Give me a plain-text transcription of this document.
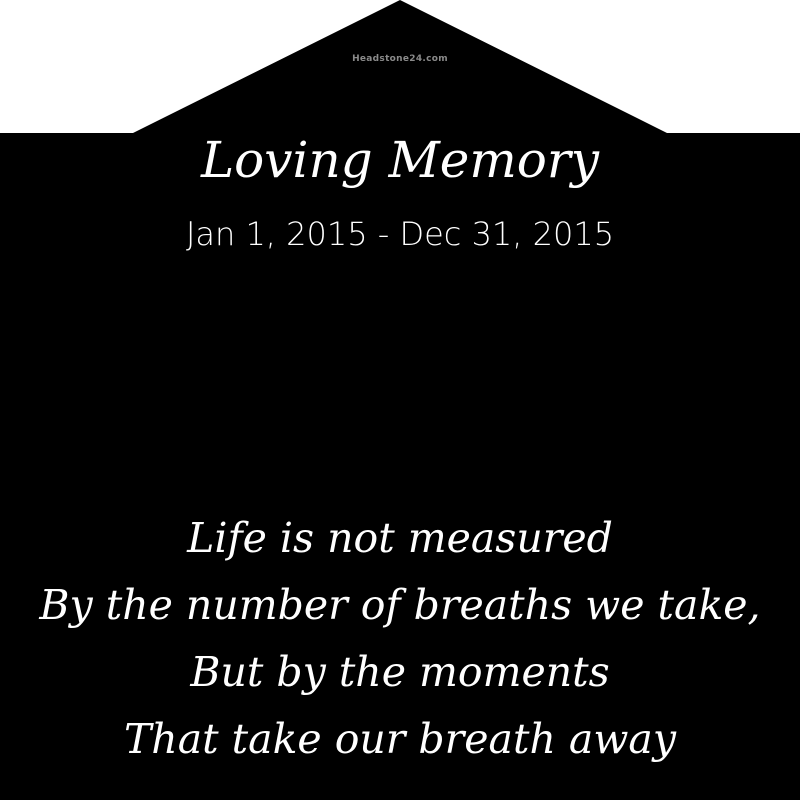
Headstone24.com
Loving Memory
Jan 1, 2015 - Dec 31, 2015
Life is not measured
By the number of breaths we take,
But by the moments
That take our breath away
